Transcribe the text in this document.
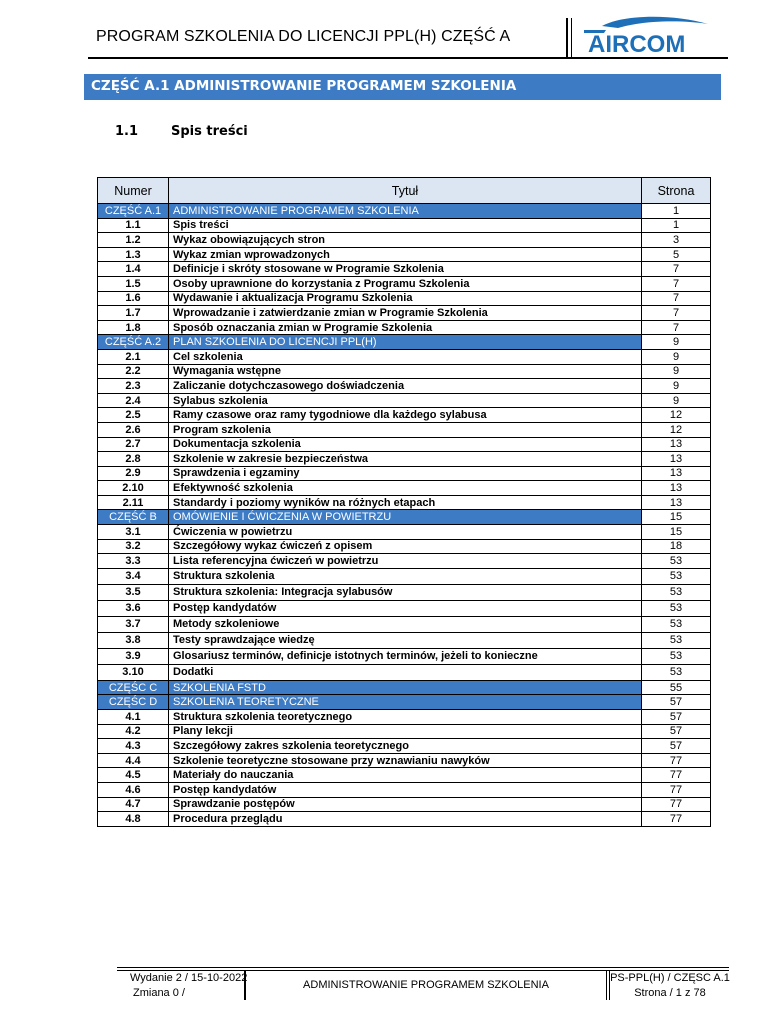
PROGRAM SZKOLENIA DO LICENCJI PPL(H) CZĘŚĆ A	AIRCOM
CZĘŚĆ A.1 ADMINISTROWANIE PROGRAMEM SZKOLENIA
1.1	Spis treści
Numer	Tytuł	Strona
CZĘŚĆ A.1	ADMINISTROWANIE PROGRAMEM SZKOLENIA	1
1.1	Spis treści	1
1.2	Wykaz obowiązujących stron	3
1.3	Wykaz zmian wprowadzonych	5
1.4	Definicje i skróty stosowane w Programie Szkolenia	7
1.5	Osoby uprawnione do korzystania z Programu Szkolenia	7
1.6	Wydawanie i aktualizacja Programu Szkolenia	7
1.7	Wprowadzanie i zatwierdzanie zmian w Programie Szkolenia	7
1.8	Sposób oznaczania zmian w Programie Szkolenia	7
CZĘŚĆ A.2	PLAN SZKOLENIA DO LICENCJI PPL(H)	9
2.1	Cel szkolenia	9
2.2	Wymagania wstępne	9
2.3	Zaliczanie dotychczasowego doświadczenia	9
2.4	Sylabus szkolenia	9
2.5	Ramy czasowe oraz ramy tygodniowe dla każdego sylabusa	12
2.6	Program szkolenia	12
2.7	Dokumentacja szkolenia	13
2.8	Szkolenie w zakresie bezpieczeństwa	13
2.9	Sprawdzenia i egzaminy	13
2.10	Efektywność szkolenia	13
2.11	Standardy i poziomy wyników na różnych etapach	13
CZĘŚĆ B	OMÓWIENIE I ĆWICZENIA W POWIETRZU	15
3.1	Ćwiczenia w powietrzu	15
3.2	Szczegółowy wykaz ćwiczeń z opisem	18
3.3	Lista referencyjna ćwiczeń w powietrzu	53
3.4	Struktura szkolenia	53
3.5	Struktura szkolenia: Integracja sylabusów	53
3.6	Postęp kandydatów	53
3.7	Metody szkoleniowe	53
3.8	Testy sprawdzające wiedzę	53
3.9	Glosariusz terminów, definicje istotnych terminów, jeżeli to konieczne	53
3.10	Dodatki	53
CZĘŚC C	SZKOLENIA FSTD	55
CZĘŚC D	SZKOLENIA TEORETYCZNE	57
4.1	Struktura szkolenia teoretycznego	57
4.2	Plany lekcji	57
4.3	Szczegółowy zakres szkolenia teoretycznego	57
4.4	Szkolenie teoretyczne stosowane przy wznawianiu nawyków	77
4.5	Materiały do nauczania	77
4.6	Postęp kandydatów	77
4.7	Sprawdzanie postępów	77
4.8	Procedura przeglądu	77
Wydanie 2 / 15-10-2022
Zmiana 0 /
ADMINISTROWANIE PROGRAMEM SZKOLENIA
PS-PPL(H) / CZĘSC A.1
Strona / 1 z 78
